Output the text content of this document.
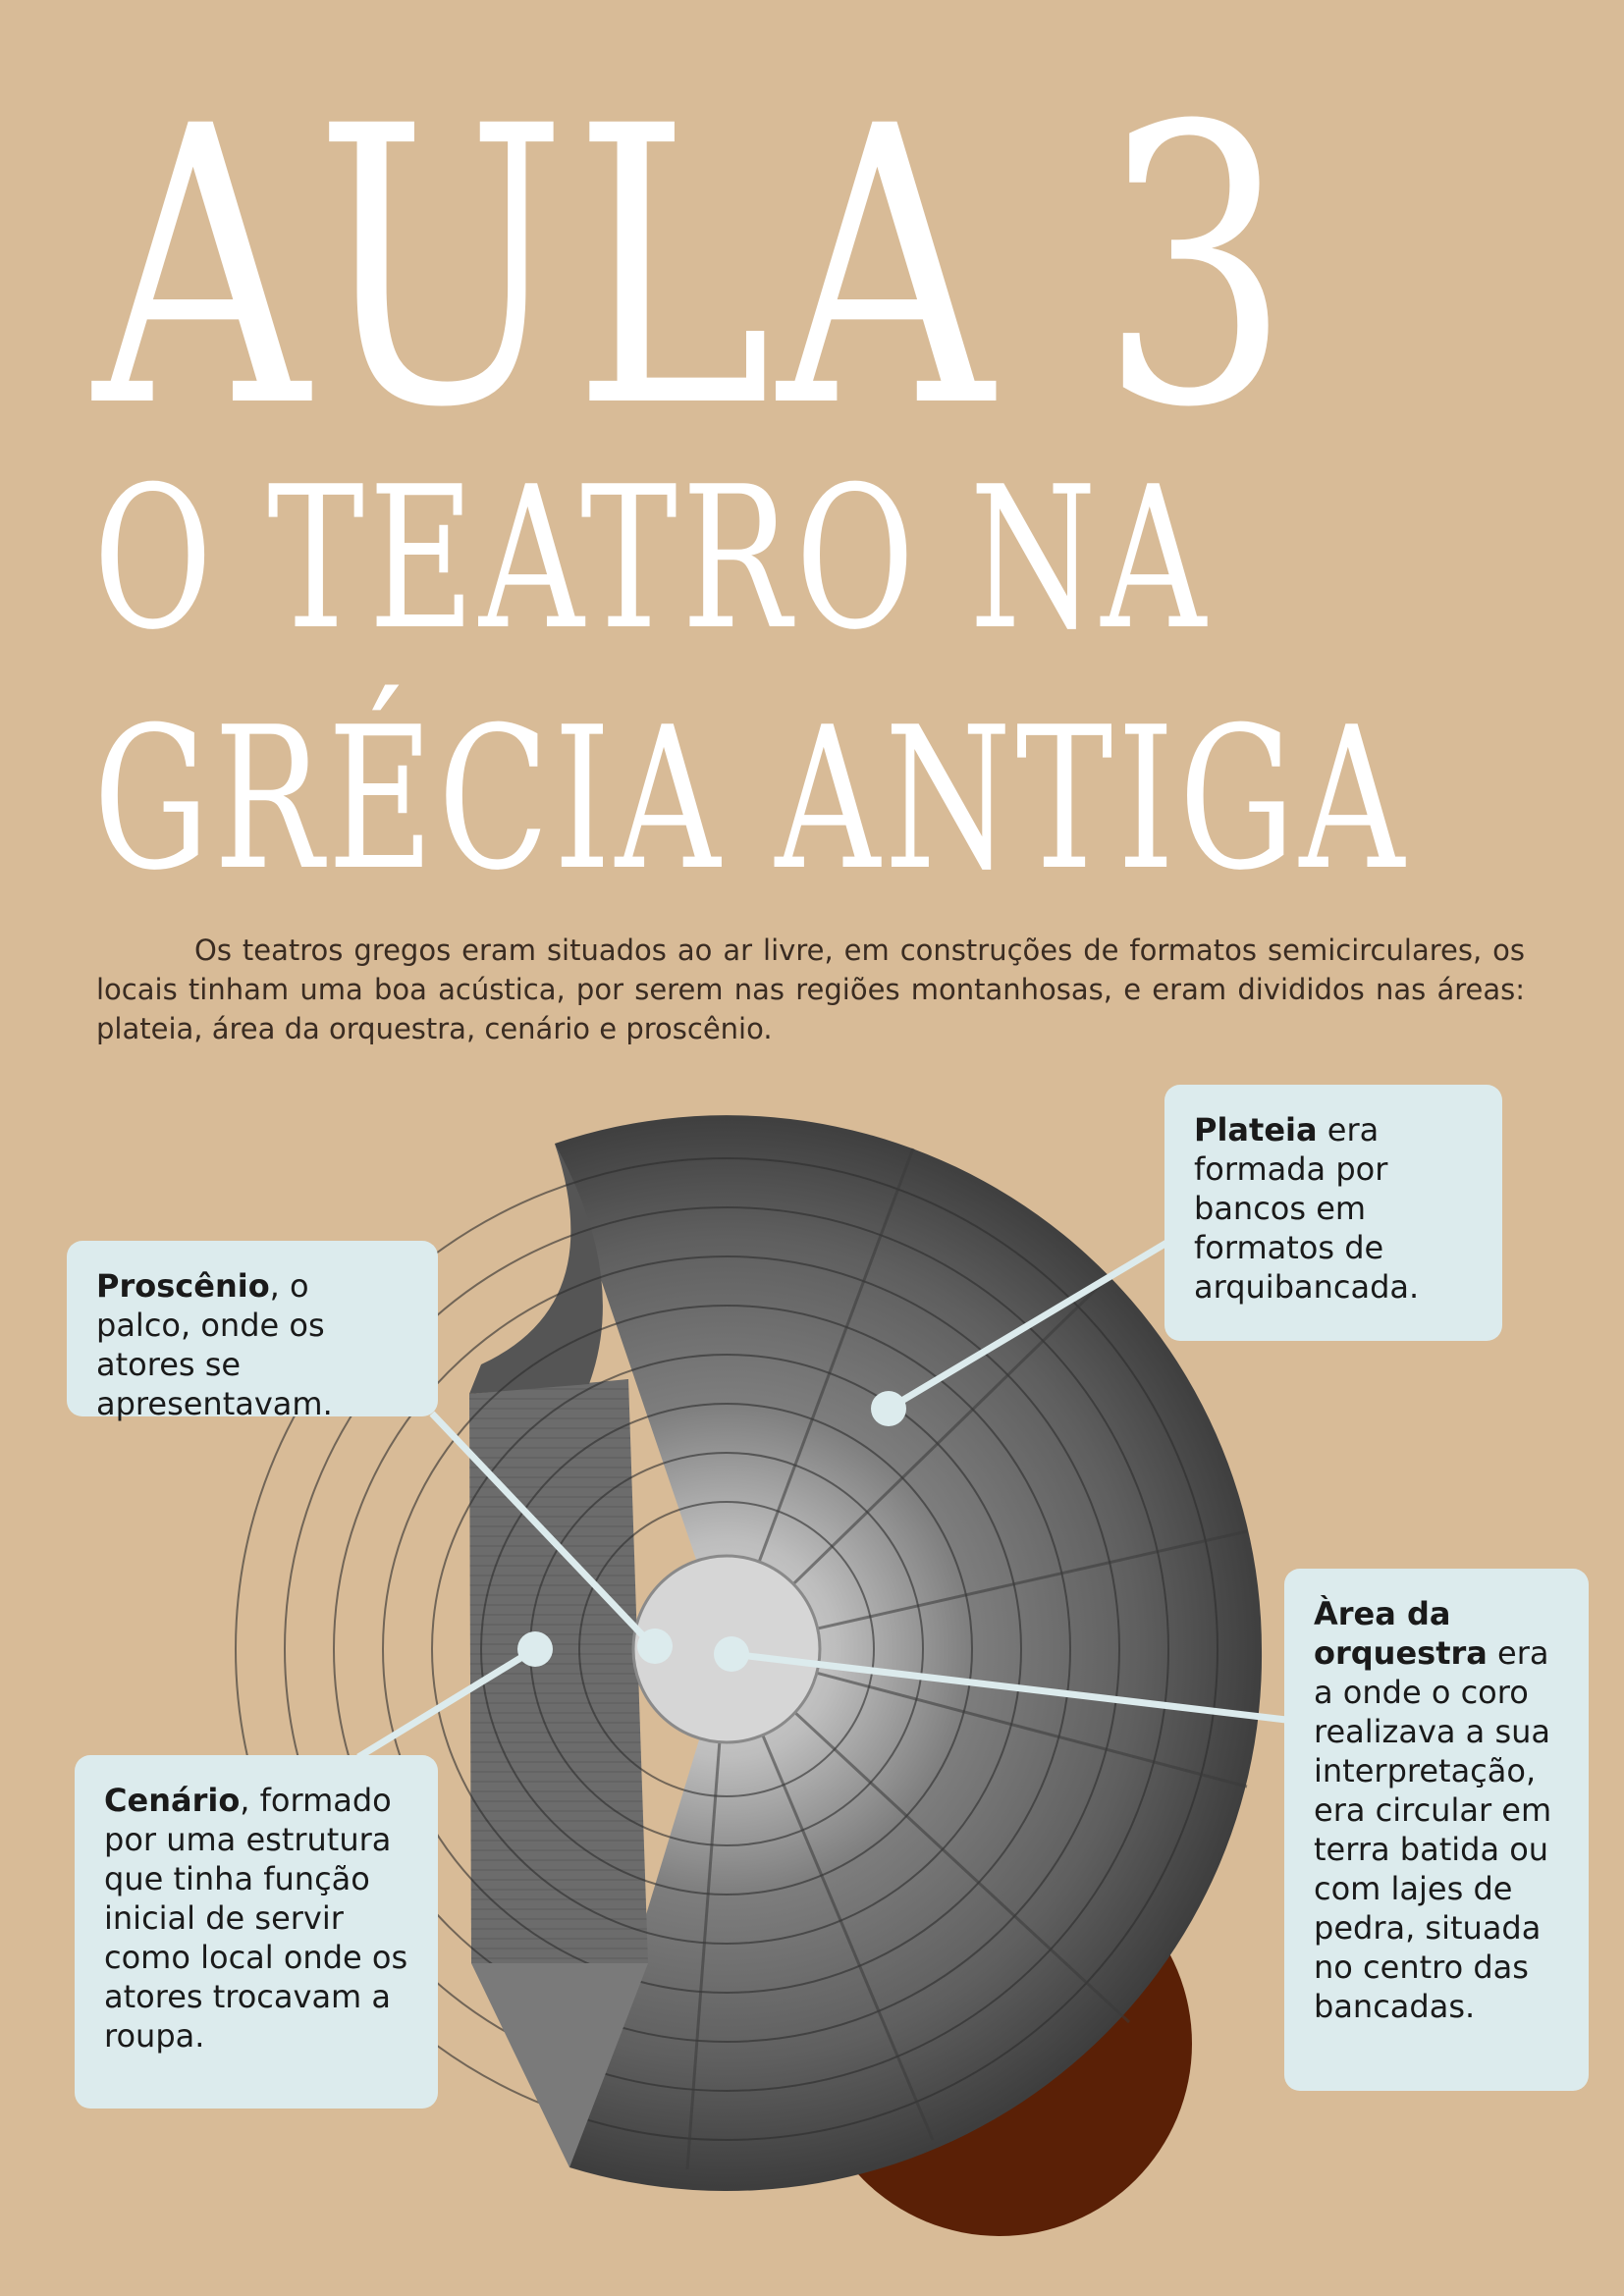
AULA 3
O TEATRO NA
GRÉCIA ANTIGA

Os teatros gregos eram situados ao ar livre, em construções de formatos semicirculares, os locais tinham uma boa acústica, por serem nas regiões montanhosas, e eram divididos nas áreas: plateia, área da orquestra, cenário e proscênio.

Plateia era formada por bancos em formatos de arquibancada.
Proscênio, o palco, onde os atores se apresentavam.
Cenário, formado por uma estrutura que tinha função inicial de servir como local onde os atores trocavam a roupa.
Àrea da orquestra era a onde o coro realizava a sua interpretação, era circular em terra batida ou com lajes de pedra, situada no centro das bancadas.
